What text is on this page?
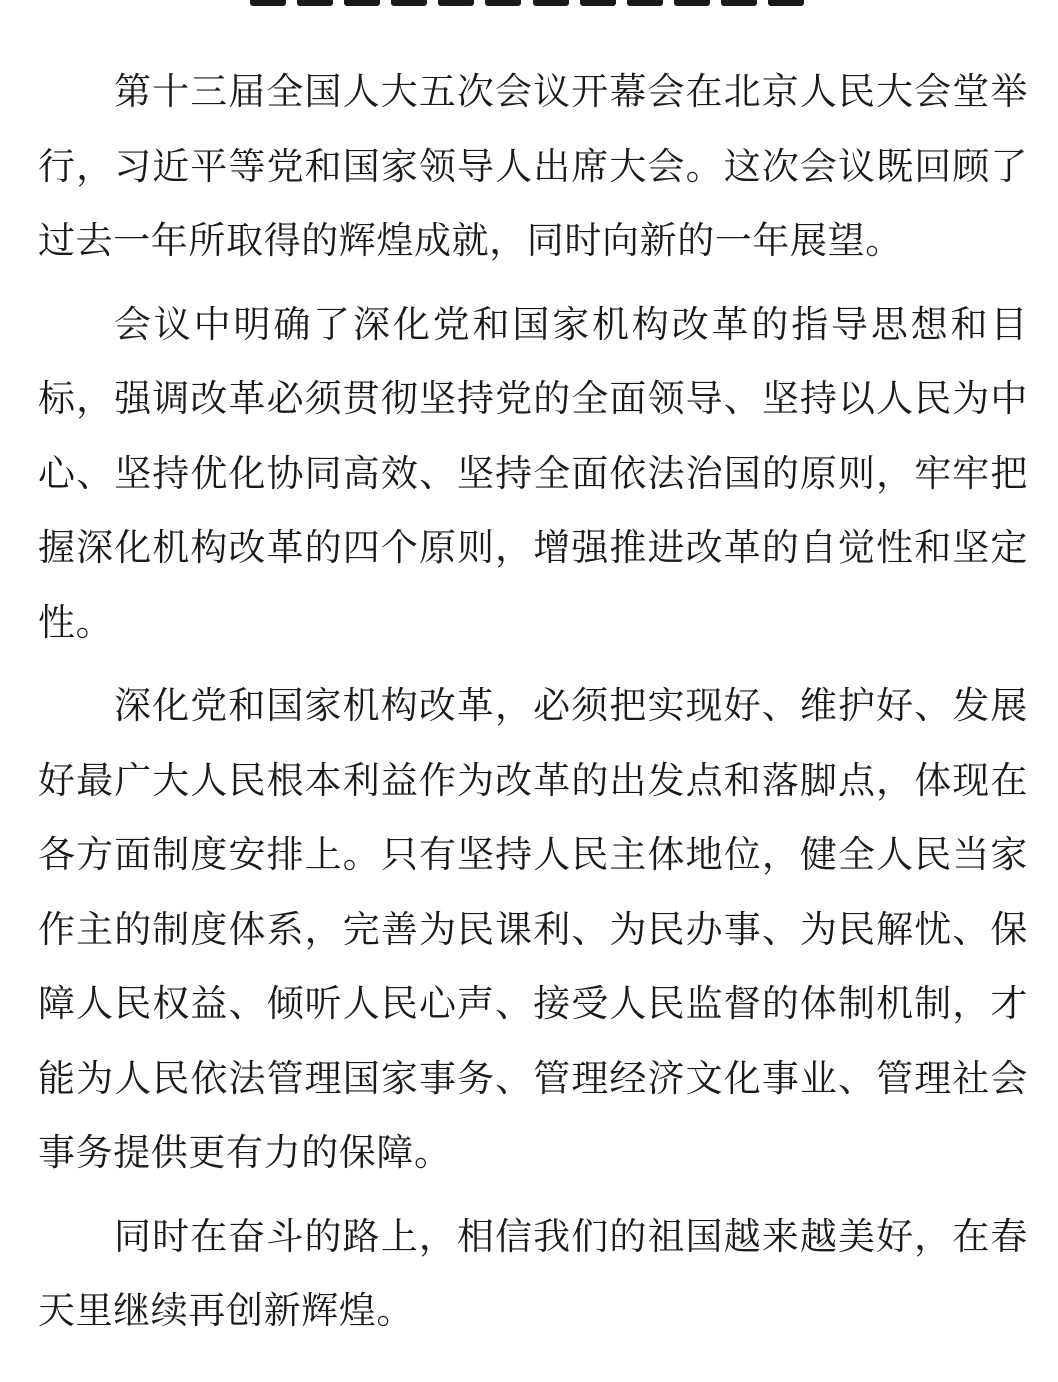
第十三届全国人大五次会议开幕会在北京人民大会堂举行，习近平等党和国家领导人出席大会。这次会议既回顾了过去一年所取得的辉煌成就，同时向新的一年展望。

会议中明确了深化党和国家机构改革的指导思想和目标，强调改革必须贯彻坚持党的全面领导、坚持以人民为中心、坚持优化协同高效、坚持全面依法治国的原则，牢牢把握深化机构改革的四个原则，增强推进改革的自觉性和坚定性。

深化党和国家机构改革，必须把实现好、维护好、发展好最广大人民根本利益作为改革的出发点和落脚点，体现在各方面制度安排上。只有坚持人民主体地位，健全人民当家作主的制度体系，完善为民课利、为民办事、为民解忧、保障人民权益、倾听人民心声、接受人民监督的体制机制，才能为人民依法管理国家事务、管理经济文化事业、管理社会事务提供更有力的保障。

同时在奋斗的路上，相信我们的祖国越来越美好，在春天里继续再创新辉煌。
